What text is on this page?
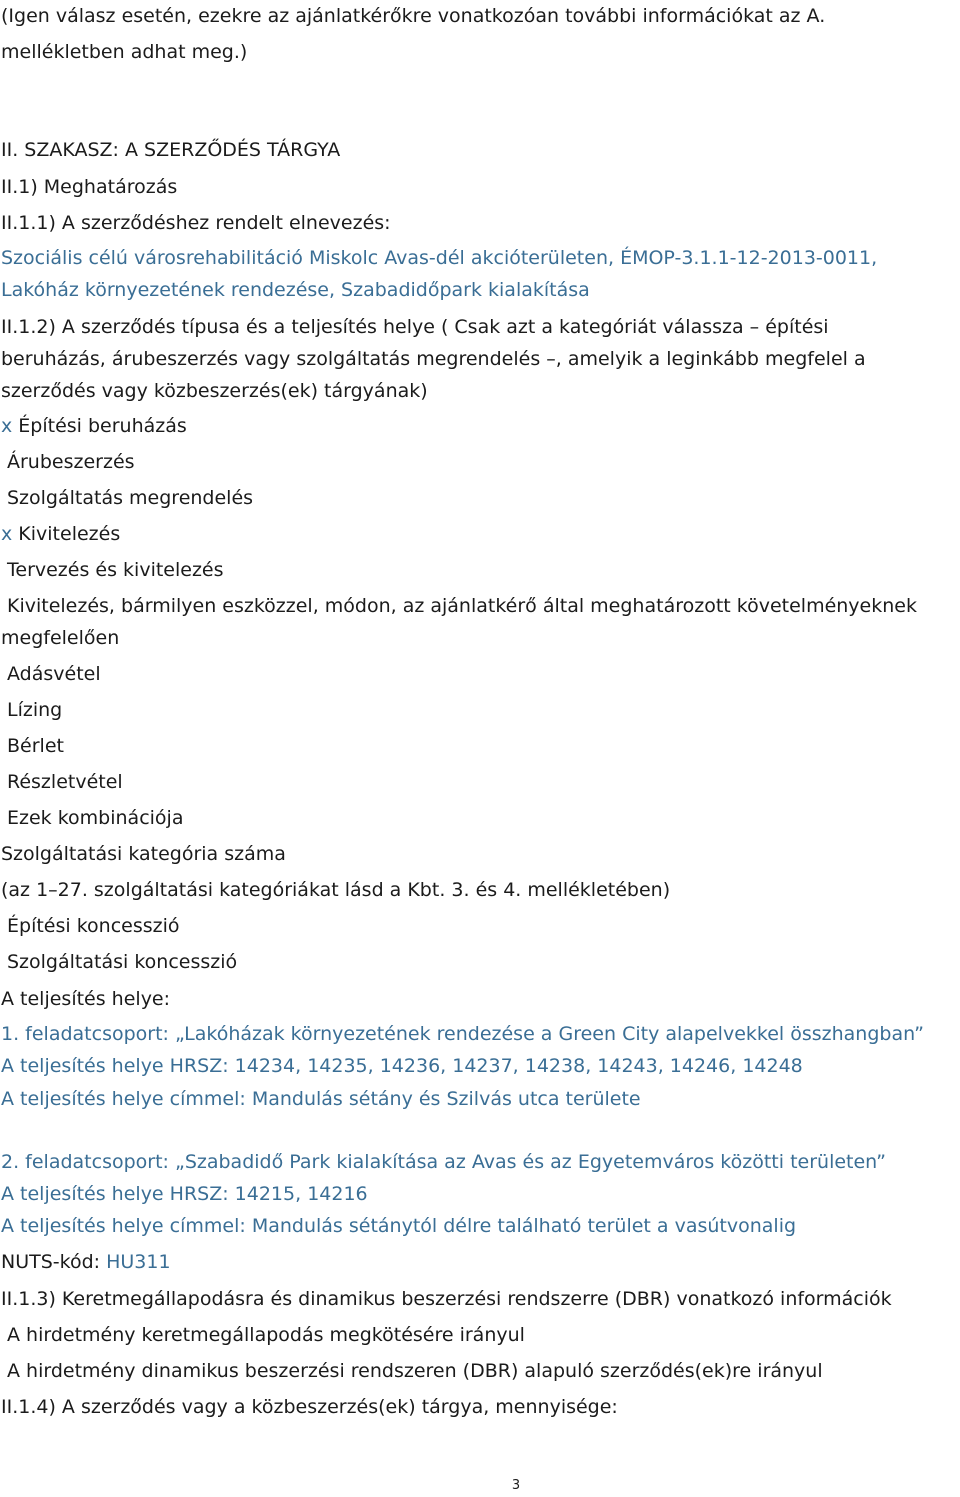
(Igen válasz esetén, ezekre az ajánlatkérőkre vonatkozóan további információkat az A.
mellékletben adhat meg.)
II. SZAKASZ: A SZERZŐDÉS TÁRGYA
II.1) Meghatározás
II.1.1) A szerződéshez rendelt elnevezés:
Szociális célú városrehabilitáció Miskolc Avas-dél akcióterületen, ÉMOP-3.1.1-12-2013-0011,
Lakóház környezetének rendezése, Szabadidőpark kialakítása
II.1.2) A szerződés típusa és a teljesítés helye ( Csak azt a kategóriát válassza – építési
beruházás, árubeszerzés vagy szolgáltatás megrendelés –, amelyik a leginkább megfelel a
szerződés vagy közbeszerzés(ek) tárgyának)
x Építési beruházás
Árubeszerzés
Szolgáltatás megrendelés
x Kivitelezés
Tervezés és kivitelezés
Kivitelezés, bármilyen eszközzel, módon, az ajánlatkérő által meghatározott követelményeknek
megfelelően
Adásvétel
Lízing
Bérlet
Részletvétel
Ezek kombinációja
Szolgáltatási kategória száma
(az 1–27. szolgáltatási kategóriákat lásd a Kbt. 3. és 4. mellékletében)
Építési koncesszió
Szolgáltatási koncesszió
A teljesítés helye:
1. feladatcsoport: „Lakóházak környezetének rendezése a Green City alapelvekkel összhangban”
A teljesítés helye HRSZ: 14234, 14235, 14236, 14237, 14238, 14243, 14246, 14248
A teljesítés helye címmel: Mandulás sétány és Szilvás utca területe
2. feladatcsoport: „Szabadidő Park kialakítása az Avas és az Egyetemváros közötti területen”
A teljesítés helye HRSZ: 14215, 14216
A teljesítés helye címmel: Mandulás sétánytól délre található terület a vasútvonalig
NUTS-kód: HU311
II.1.3) Keretmegállapodásra és dinamikus beszerzési rendszerre (DBR) vonatkozó információk
A hirdetmény keretmegállapodás megkötésére irányul
A hirdetmény dinamikus beszerzési rendszeren (DBR) alapuló szerződés(ek)re irányul
II.1.4) A szerződés vagy a közbeszerzés(ek) tárgya, mennyisége:
3
